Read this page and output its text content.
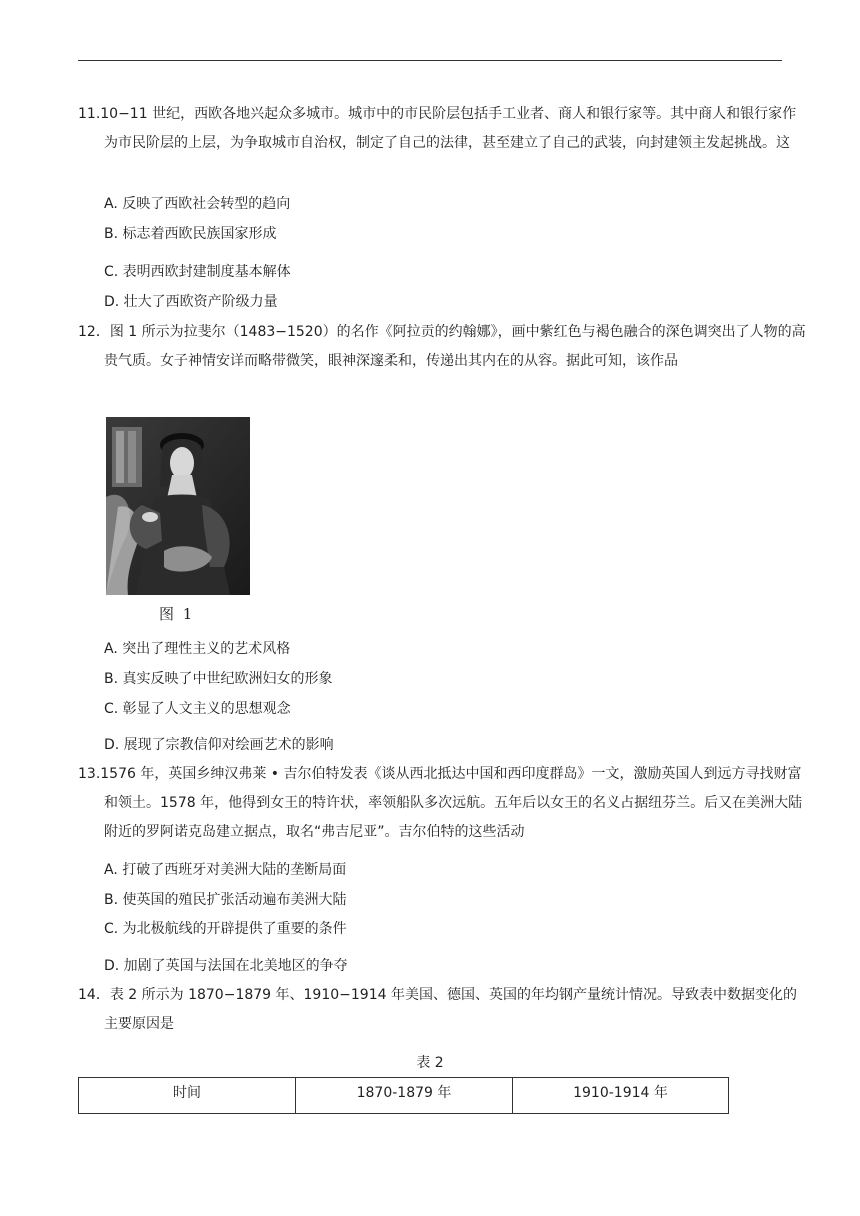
11.10−11 世纪，西欧各地兴起众多城市。城市中的市民阶层包括手工业者、商人和银行家等。其中商人和银行家作为市民阶层的上层，为争取城市自治权，制定了自己的法律，甚至建立了自己的武装，向封建领主发起挑战。这
A. 反映了西欧社会转型的趋向
B. 标志着西欧民族国家形成
C. 表明西欧封建制度基本解体
D. 壮大了西欧资产阶级力量
12．图 1 所示为拉斐尔（1483−1520）的名作《阿拉贡的约翰娜》，画中紫红色与褐色融合的深色调突出了人物的高贵气质。女子神情安详而略带微笑，眼神深邃柔和，传递出其内在的从容。据此可知，该作品
图 1
A. 突出了理性主义的艺术风格
B. 真实反映了中世纪欧洲妇女的形象
C. 彰显了人文主义的思想观念
D. 展现了宗教信仰对绘画艺术的影响
13.1576 年，英国乡绅汉弗莱 • 吉尔伯特发表《谈从西北抵达中国和西印度群岛》一文，激励英国人到远方寻找财富和领土。1578 年，他得到女王的特许状，率领船队多次远航。五年后以女王的名义占据纽芬兰。后又在美洲大陆附近的罗阿诺克岛建立据点，取名“弗吉尼亚”。吉尔伯特的这些活动
A. 打破了西班牙对美洲大陆的垄断局面
B. 使英国的殖民扩张活动遍布美洲大陆
C. 为北极航线的开辟提供了重要的条件
D. 加剧了英国与法国在北美地区的争夺
14．表 2 所示为 1870−1879 年、1910−1914 年美国、德国、英国的年均钢产量统计情况。导致表中数据变化的主要原因是
表 2
时间	1870-1879 年	1910-1914 年
